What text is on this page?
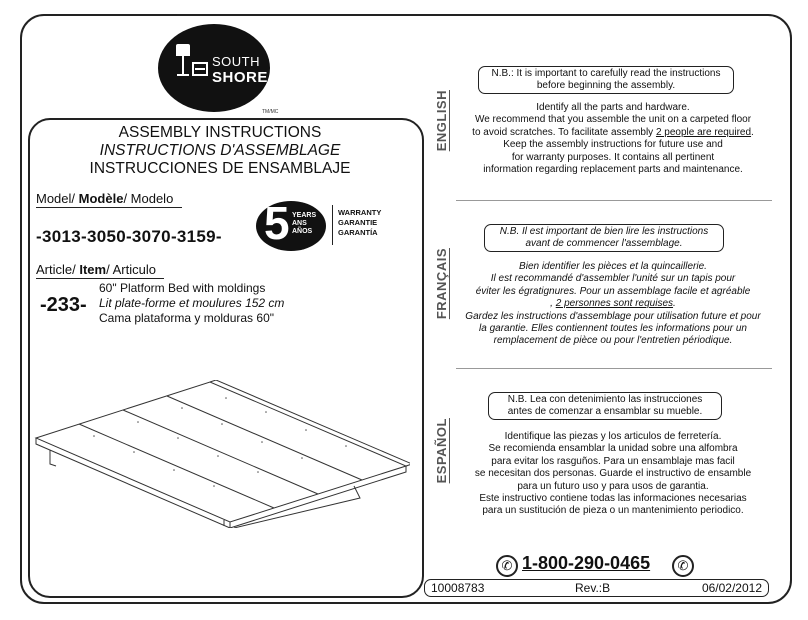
SOUTH
SHORE
TM/MC
ASSEMBLY INSTRUCTIONS
INSTRUCTIONS D'ASSEMBLAGE
INSTRUCCIONES DE ENSAMBLAJE
Model/ Modèle/ Modelo
-3013-3050-3070-3159- 5 YEARS
ANS
AÑOS
WARRANTY
GARANTIE
GARANTÍA
Article/ Item/ Articulo
-233-
60" Platform Bed with moldings
Lit plate-forme et moulures 152 cm
Cama plataforma y molduras 60"
ENGLISH
N.B.: It is important to carefully read the instructions
before beginning the assembly.
Identify all the parts and hardware.
We recommend that you assemble the unit on a carpeted floor
to avoid scratches. To facilitate assembly 2 people are required.
Keep the assembly instructions for future use and
for warranty purposes. It contains all pertinent
information regarding replacement parts and maintenance.
FRANÇAIS
N.B. Il est important de bien lire les instructions
avant de commencer l'assemblage.
Bien identifier les pièces et la quincaillerie.
Il est recommandé d'assembler l'unité sur un tapis pour
éviter les égratignures. Pour un assemblage facile et agréable
, 2 personnes sont requises.
Gardez les instructions d'assemblage pour utilisation future et pour
la garantie. Elles contiennent toutes les informations pour un
remplacement de pièce ou pour l'entretien périodique.
ESPAÑOL
N.B. Lea con detenimiento las instrucciones
antes de comenzar a ensamblar su mueble.
Identifique las piezas y los articulos de ferretería.
Se recomienda ensamblar la unidad sobre una alfombra
para evitar los rasguños. Para un ensamblaje mas facil
se necesitan dos personas. Guarde el instructivo de ensamble
para un futuro uso y para usos de garantia.
Este instructivo contiene todas las informaciones necesarias
para un sustitución de pieza o un mantenimiento periodico.
✆ 1-800-290-0465	✆
10008783	Rev.:B	06/02/2012
